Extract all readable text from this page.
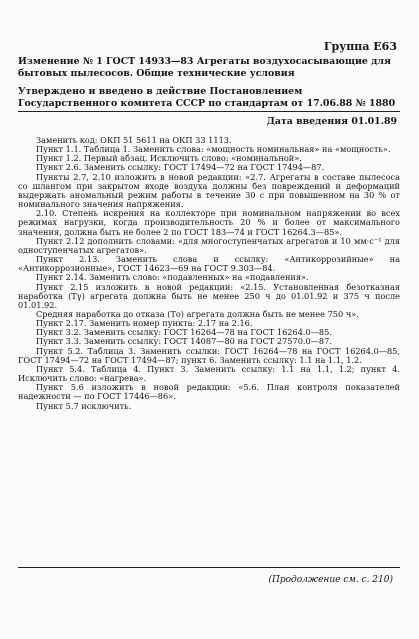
Группа Е63
Изменение № 1 ГОСТ 14933—83 Агрегаты воздухосасывающие для бытовых пылесосов. Общие технические условия
Утверждено и введено в действие Постановлением Государственного комитета СССР по стандартам от 17.06.88 № 1880
Дата введения 01.01.89

Заменить код: ОКП 51 5611 на ОКП 33 1113.

Пункт 1.1. Таблица 1. Заменить слова: «мощность номинальная» на «мощность».

Пункт 1.2. Первый абзац. Исключить слово: «номинальной».

Пункт 2.6. Заменить ссылку: ГОСТ 17494—72 на ГОСТ 17494—87.

Пункты 2.7, 2.10 изложить в новой редакции: «2.7. Агрегаты в составе пылесоса со шлангом при закрытом входе воздуха должны без повреждений и деформаций выдержать аномальный режим работы в течение 30 с при повышенном на 30 % от номинального значения напряжения.

2.10. Степень искрения на коллекторе при номинальном напряжении во всех режимах нагрузки, когда производительность 20 % и более от максимального значения, должна быть не более 2 по ГОСТ 183—74 и ГОСТ 16264.3—85».

Пункт 2.12 дополнить словами: «для многоступенчатых агрегатов и 10 мм·с⁻¹ для одноступенчатых агрегатов».

Пункт 2.13. Заменить слова и ссылку: «Антикоррозийные» на «Антикоррозионные», ГОСТ 14623—69 на ГОСТ 9.303—84.

Пункт 2.14. Заменить слово: «подавленных» на «подавления».

Пункт 2.15 изложить в новой редакции: «2.15. Установленная безотказная наработка (Тγ) агрегата должна быть не менее 250 ч до 01.01.92 и 375 ч после 01.01.92.

Средняя наработка до отказа (То) агрегата должна быть не менее 750 ч».

Пункт 2.17. Заменить номер пункта: 2.17 на 2.16.

Пункт 3.2. Заменить ссылку: ГОСТ 16264—78 на ГОСТ 16264.0—85.

Пункт 3.3. Заменить ссылку: ГОСТ 14087—80 на ГОСТ 27570.0—87.

Пункт 5.2. Таблица 3. Заменить ссылки: ГОСТ 16264—78 на ГОСТ 16264.0—85, ГОСТ 17494—72 на ГОСТ 17494—87; пункт 6. Заменить ссылку: 1.1 на 1.1, 1.2.

Пункт 5.4. Таблица 4. Пункт 3. Заменить ссылку: 1.1 на 1.1, 1.2; пункт 4. Исключить слово: «нагрева».

Пункт 5.6 изложить в новой редакции: «5.6. План контроля показателей надежности — по ГОСТ 17446—86».

Пункт 5.7 исключить.

(Продолжение см. с. 210)
